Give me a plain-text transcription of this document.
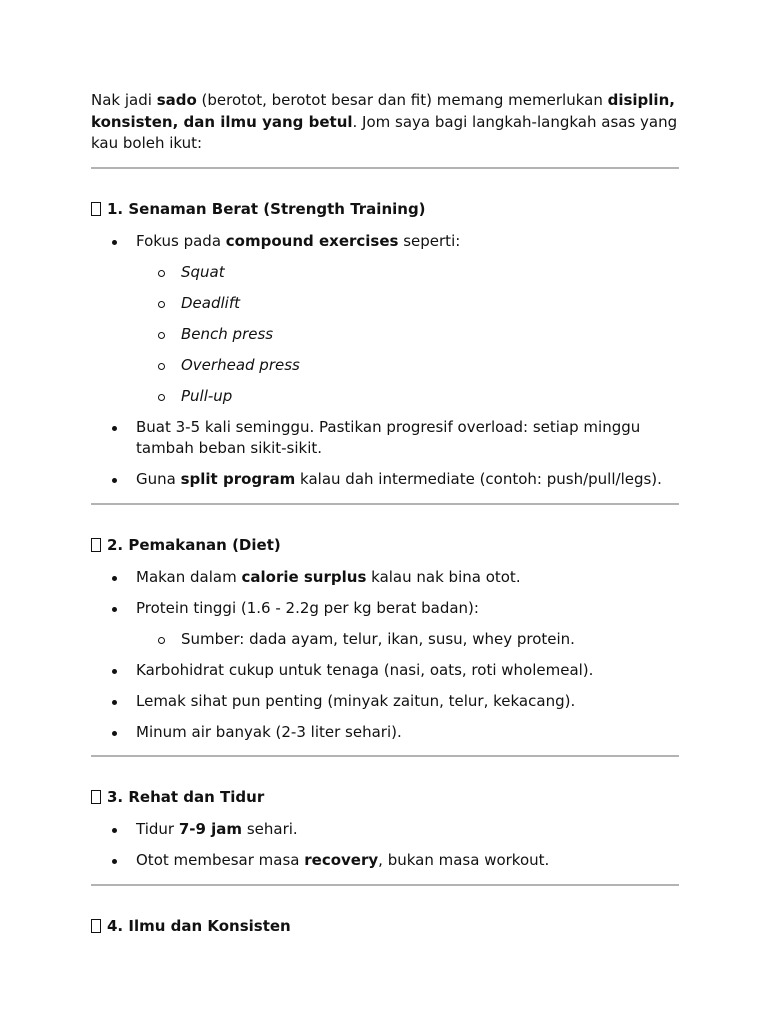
Nak jadi sado (berotot, berotot besar dan fit) memang memerlukan disiplin, konsisten, dan ilmu yang betul. Jom saya bagi langkah-langkah asas yang kau boleh ikut:

1. Senaman Berat (Strength Training)
Fokus pada compound exercises seperti:
Squat
Deadlift
Bench press
Overhead press
Pull-up
Buat 3-5 kali seminggu. Pastikan progresif overload: setiap minggu tambah beban sikit-sikit.
Guna split program kalau dah intermediate (contoh: push/pull/legs).
2. Pemakanan (Diet)
Makan dalam calorie surplus kalau nak bina otot.
Protein tinggi (1.6 - 2.2g per kg berat badan):
Sumber: dada ayam, telur, ikan, susu, whey protein.
Karbohidrat cukup untuk tenaga (nasi, oats, roti wholemeal).
Lemak sihat pun penting (minyak zaitun, telur, kekacang).
Minum air banyak (2-3 liter sehari).
3. Rehat dan Tidur
Tidur 7-9 jam sehari.
Otot membesar masa recovery, bukan masa workout.
4. Ilmu dan Konsisten
